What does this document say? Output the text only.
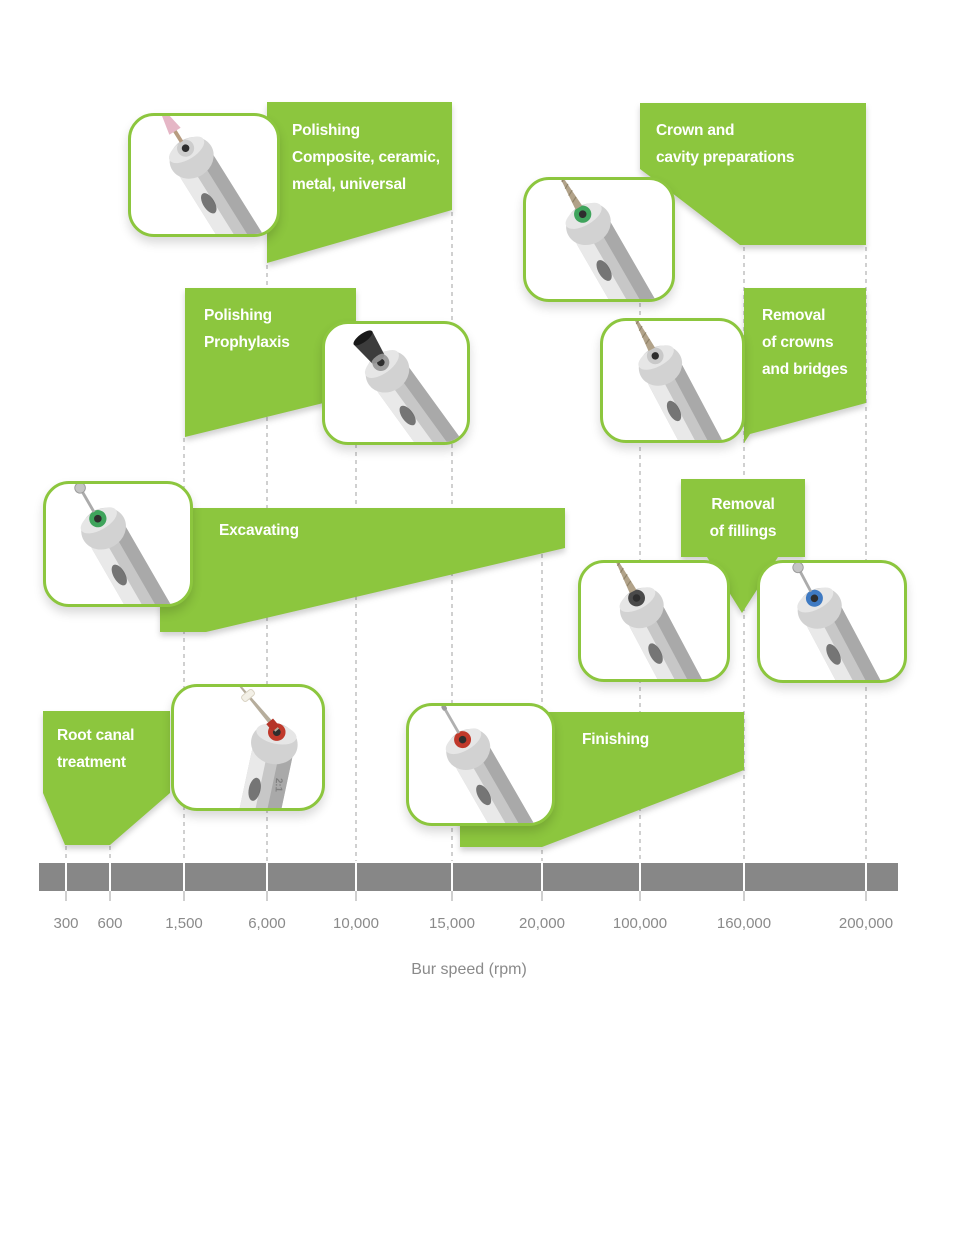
Polishing
Composite, ceramic,
metal, universal
Crown and
cavity preparations
Polishing
Prophylaxis
Removal
of crowns
and bridges
Excavating
Removal
of fillings
Root canal
treatment
Finishing
2:1
300	600	1,500	6,000	10,000	15,000	20,000	100,000	160,000	200,000
Bur speed (rpm)
